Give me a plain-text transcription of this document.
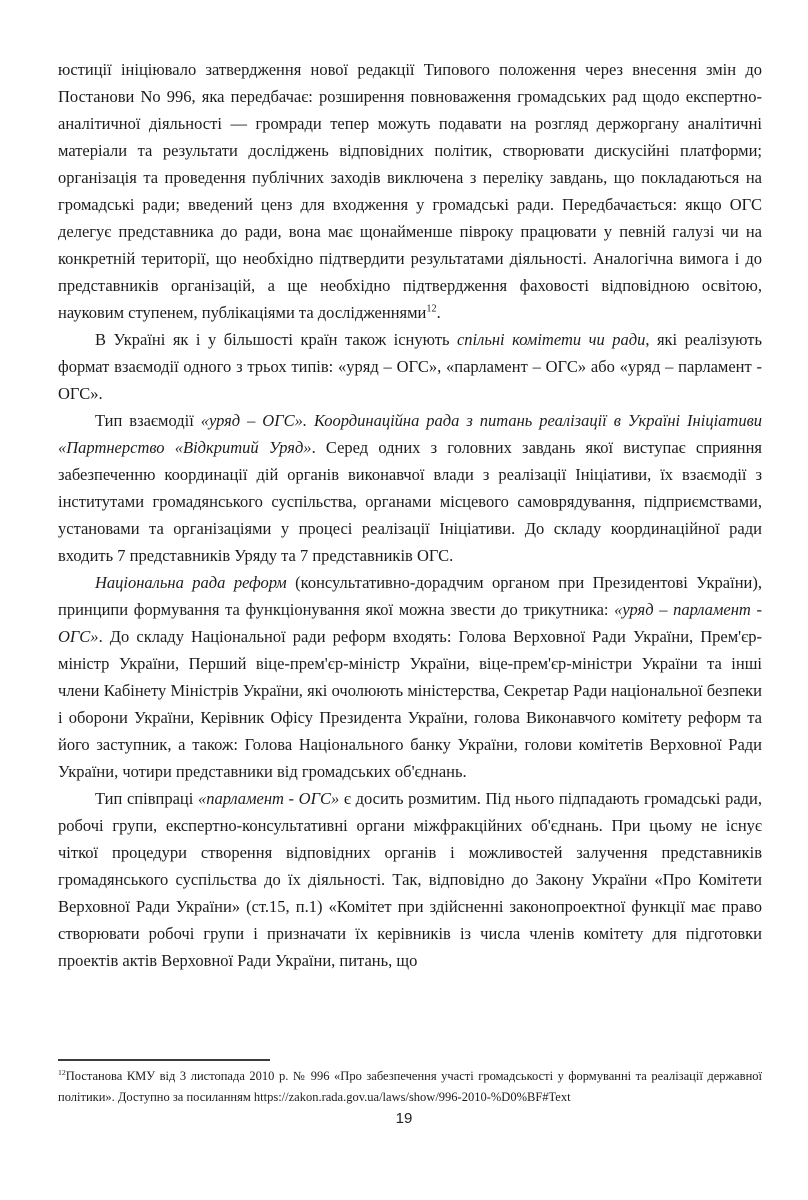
юстиції ініціювало затвердження нової редакції Типового положення через внесення змін до Постанови No 996, яка передбачає: розширення повноваження громадських рад щодо експертно-аналітичної діяльності — громради тепер можуть подавати на розгляд держоргану аналітичні матеріали та результати досліджень відповідних політик, створювати дискусійні платформи; організація та проведення публічних заходів виключена з переліку завдань, що покладаються на громадські ради; введений ценз для входження у громадські ради. Передбачається: якщо ОГС делегує представника до ради, вона має щонайменше півроку працювати у певній галузі чи на конкретній території, що необхідно підтвердити результатами діяльності. Аналогічна вимога і до представників організацій, а ще необхідно підтвердження фаховості відповідною освітою, науковим ступенем, публікаціями та дослідженнями$^{12}$.

В Україні як і у більшості країн також існують спільні комітети чи ради, які реалізують формат взаємодії одного з трьох типів: «уряд – ОГС», «парламент – ОГС» або «уряд – парламент - ОГС».

Тип взаємодії «уряд – ОГС». Координаційна рада з питань реалізації в Україні Ініціативи «Партнерство «Відкритий Уряд». Серед одних з головних завдань якої виступає сприяння забезпеченню координації дій органів виконавчої влади з реалізації Ініціативи, їх взаємодії з інститутами громадянського суспільства, органами місцевого самоврядування, підприємствами, установами та організаціями у процесі реалізації Ініціативи. До складу координаційної ради входить 7 представників Уряду та 7 представників ОГС.

Національна рада реформ (консультативно-дорадчим органом при Президентові України), принципи формування та функціонування якої можна звести до трикутника: «уряд – парламент - ОГС». До складу Національної ради реформ входять: Голова Верховної Ради України, Прем'єр-міністр України, Перший віце-прем'єр-міністр України, віце-прем'єр-міністри України та інші члени Кабінету Міністрів України, які очолюють міністерства, Секретар Ради національної безпеки і оборони України, Керівник Офісу Президента України, голова Виконавчого комітету реформ та його заступник, а також: Голова Національного банку України, голови комітетів Верховної Ради України, чотири представники від громадських об'єднань.

Тип співпраці «парламент - ОГС» є досить розмитим. Під нього підпадають громадські ради, робочі групи, експертно-консультативні органи міжфракційних об'єднань. При цьому не існує чіткої процедури створення відповідних органів і можливостей залучення представників громадянського суспільства до їх діяльності. Так, відповідно до Закону України «Про Комітети Верховної Ради України» (ст.15, п.1) «Комітет при здійсненні законопроектної функції має право створювати робочі групи і призначати їх керівників із числа членів комітету для підготовки проектів актів Верховної Ради України, питань, що

$^{12}$Постанова КМУ від 3 листопада 2010 р. № 996 «Про забезпечення участі громадськості у формуванні та реалізації державної політики». Доступно за посиланням https://zakon.rada.gov.ua/laws/show/996-2010-%D0%BF#Text
19
